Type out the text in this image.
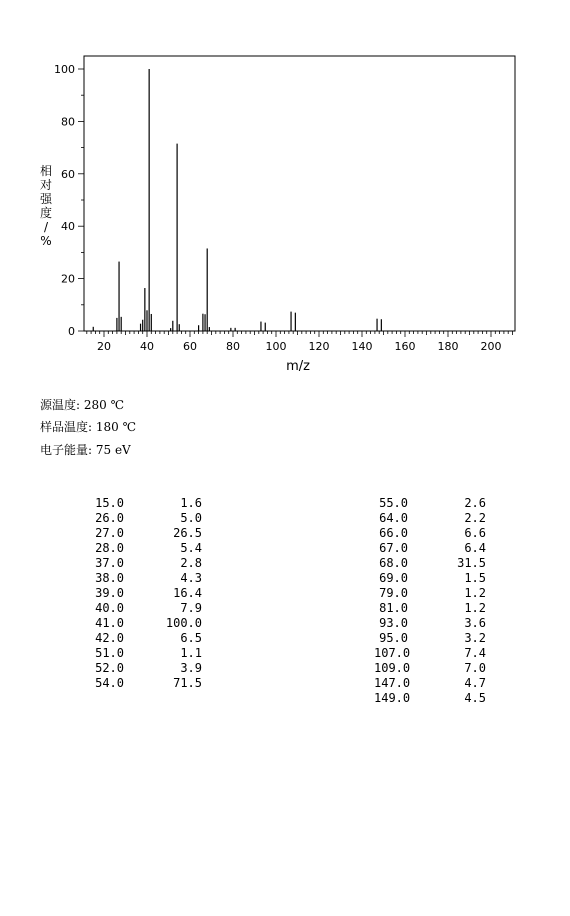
20	40	60	80 100 120 140 160 180 200
0
20
40
60
80
100
m/z
相对强度/ %
源温度: 280 ℃
样品温度: 180 ℃
电子能量: 75 eV
15.0	1.6
26.0	5.0
27.0	26.5
28.0	5.4
37.0	2.8
38.0	4.3
39.0	16.4
40.0	7.9
41.0	100.0
42.0	6.5
51.0	1.1
52.0	3.9
54.0	71.5
55.0	2.6
64.0	2.2
66.0	6.6
67.0	6.4
68.0	31.5
69.0	1.5
79.0	1.2
81.0	1.2
93.0	3.6
95.0	3.2
107.0	7.4
109.0	7.0
147.0	4.7
149.0	4.5
